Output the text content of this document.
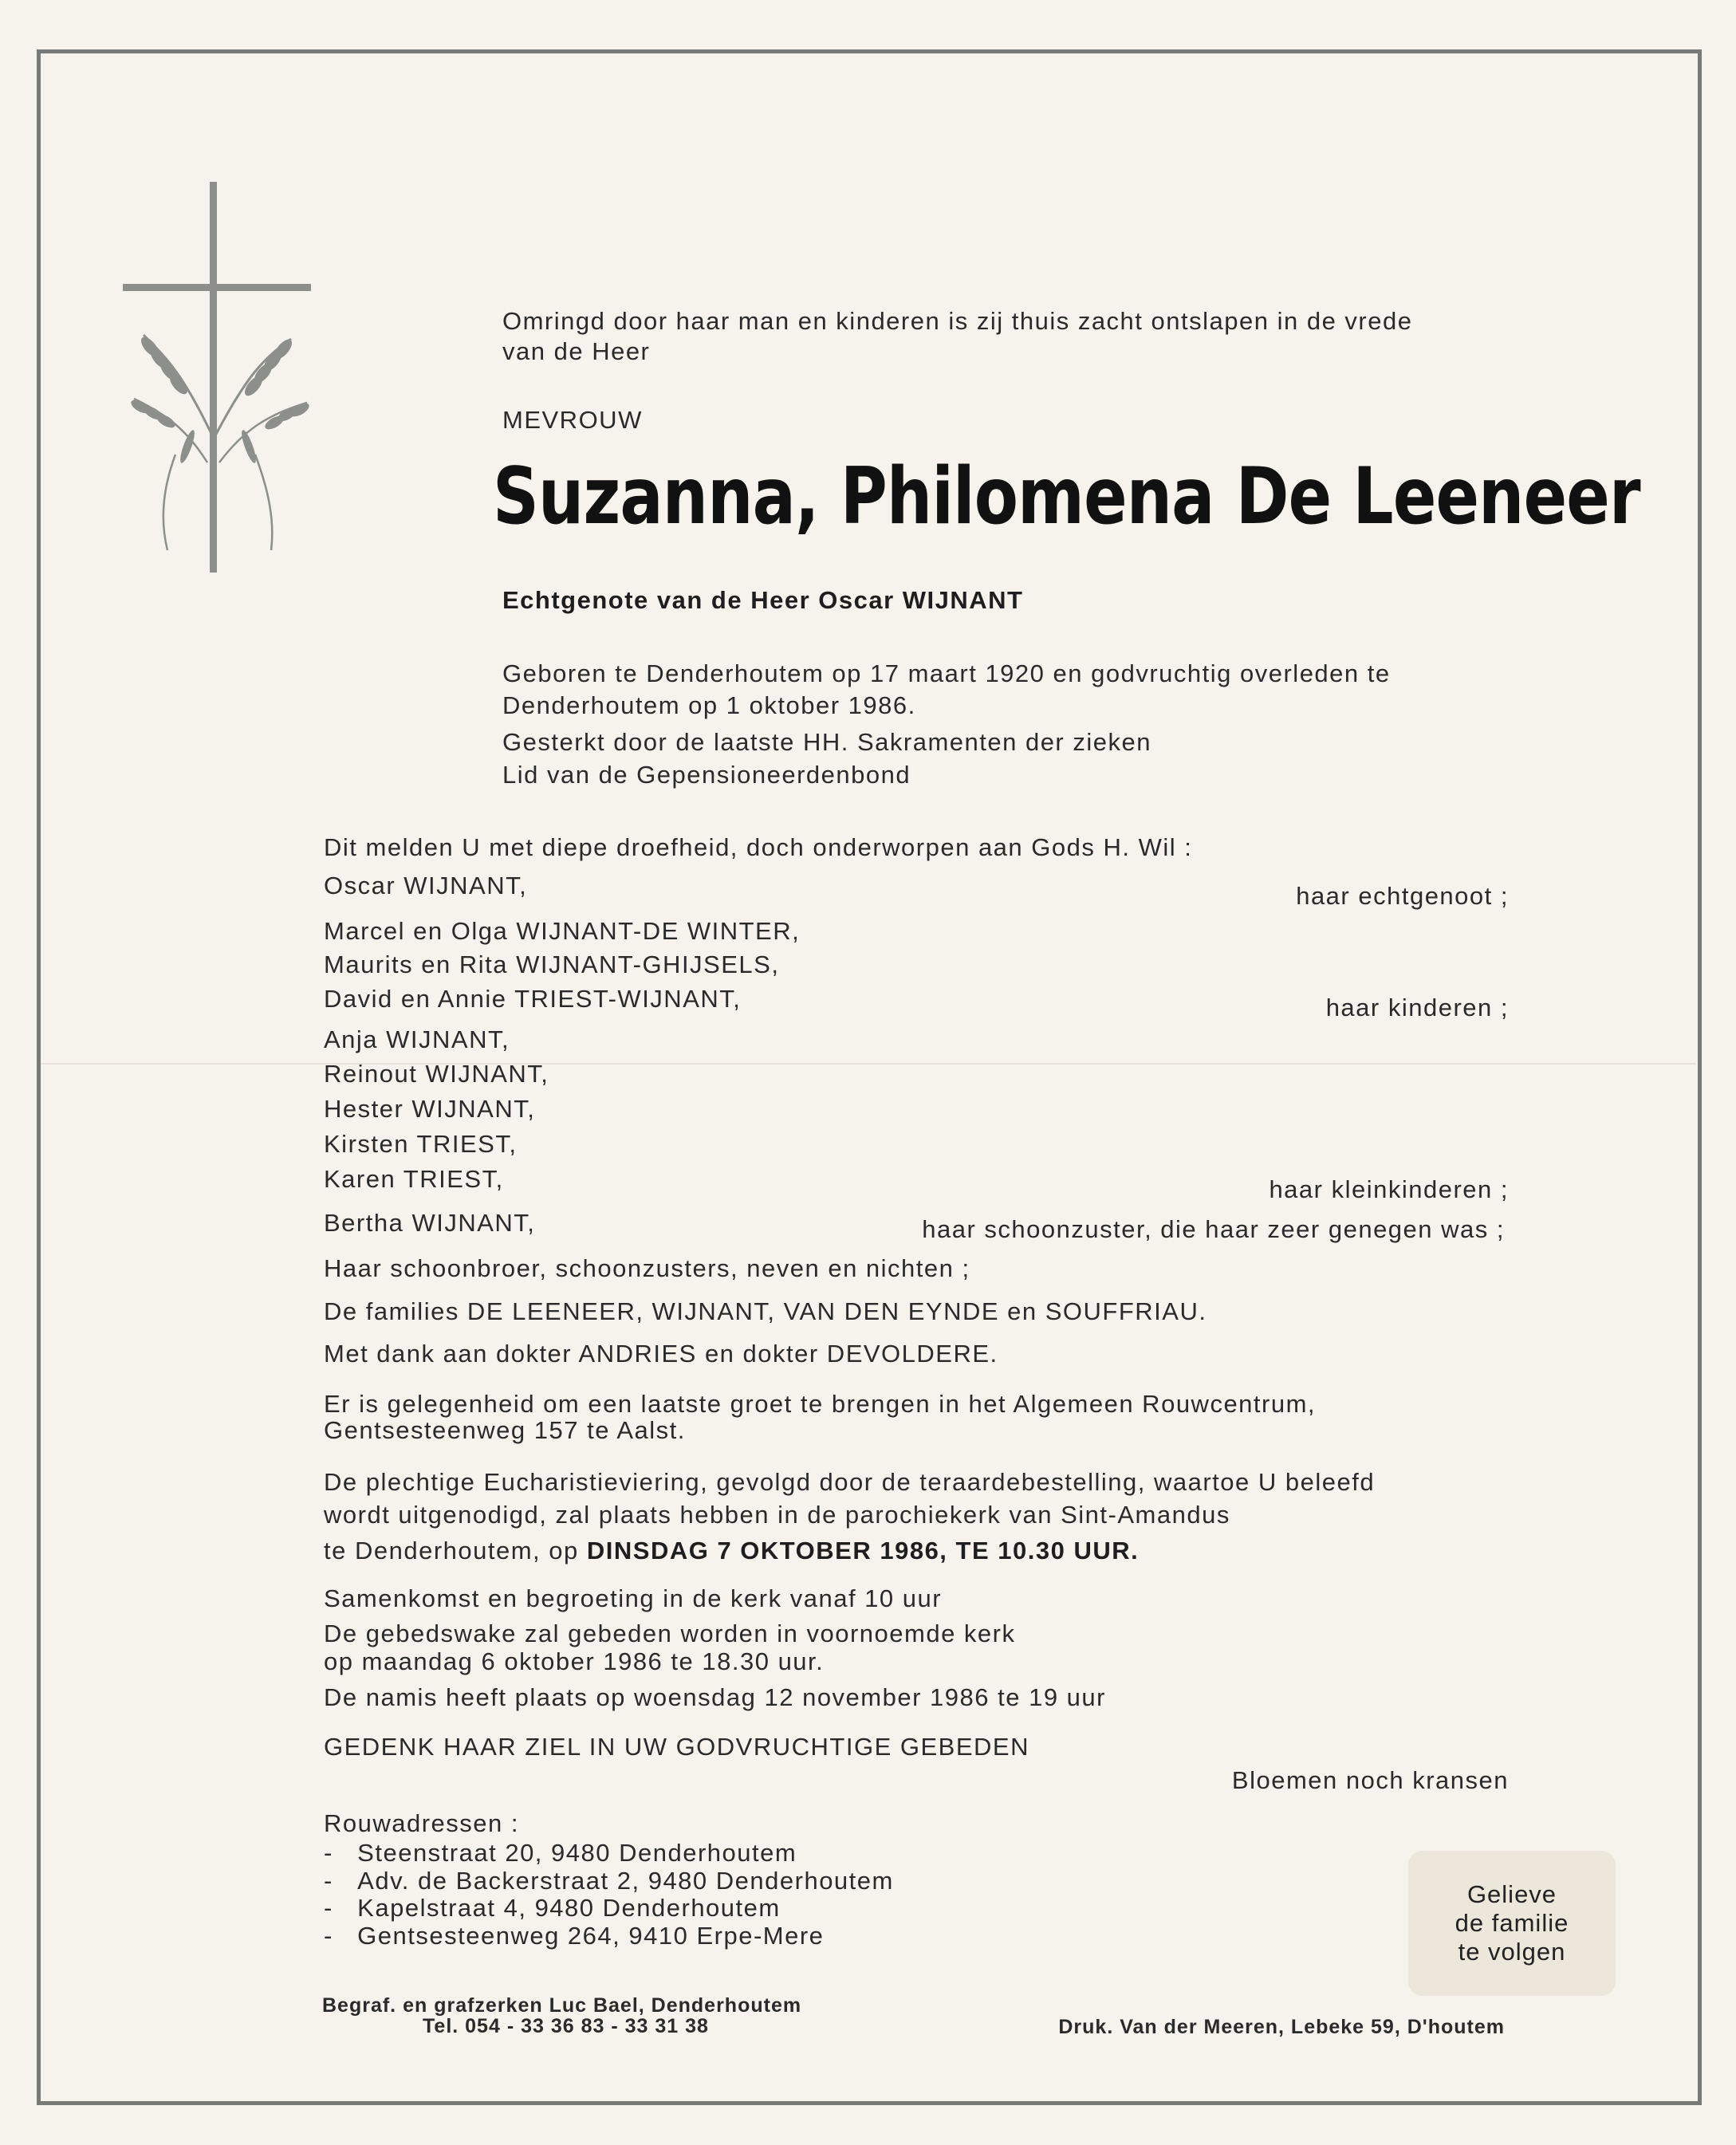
Omringd door haar man en kinderen is zij thuis zacht ontslapen in de vrede
van de Heer
MEVROUW
Suzanna, Philomena De Leeneer
Echtgenote van de Heer Oscar WIJNANT
Geboren te Denderhoutem op 17 maart 1920 en godvruchtig overleden te
Denderhoutem op 1 oktober 1986.
Gesterkt door de laatste HH. Sakramenten der zieken
Lid van de Gepensioneerdenbond
Dit melden U met diepe droefheid, doch onderworpen aan Gods H. Wil :
Oscar WIJNANT,	haar echtgenoot ;
Marcel en Olga WIJNANT-DE WINTER,
Maurits en Rita WIJNANT-GHIJSELS,
David en Annie TRIEST-WIJNANT,	haar kinderen ;
Anja WIJNANT,
Reinout WIJNANT,
Hester WIJNANT,
Kirsten TRIEST,
Karen TRIEST,	haar kleinkinderen ;
Bertha WIJNANT,	haar schoonzuster, die haar zeer genegen was ;
Haar schoonbroer, schoonzusters, neven en nichten ;
De families DE LEENEER, WIJNANT, VAN DEN EYNDE en SOUFFRIAU.
Met dank aan dokter ANDRIES en dokter DEVOLDERE.
Er is gelegenheid om een laatste groet te brengen in het Algemeen Rouwcentrum,
Gentsesteenweg 157 te Aalst.
De plechtige Eucharistieviering, gevolgd door de teraardebestelling, waartoe U beleefd
wordt uitgenodigd, zal plaats hebben in de parochiekerk van Sint-Amandus
te Denderhoutem, op DINSDAG 7 OKTOBER 1986, TE 10.30 UUR.
Samenkomst en begroeting in de kerk vanaf 10 uur
De gebedswake zal gebeden worden in voornoemde kerk
op maandag 6 oktober 1986 te 18.30 uur.
De namis heeft plaats op woensdag 12 november 1986 te 19 uur
GEDENK HAAR ZIEL IN UW GODVRUCHTIGE GEBEDEN
Bloemen noch kransen
Rouwadressen :
-   Steenstraat 20, 9480 Denderhoutem
-   Adv. de Backerstraat 2, 9480 Denderhoutem
-   Kapelstraat 4, 9480 Denderhoutem
-   Gentsesteenweg 264, 9410 Erpe-Mere
Gelieve
de familie
te volgen
Begraf. en grafzerken Luc Bael, Denderhoutem
Tel. 054 - 33 36 83 - 33 31 38	Druk. Van der Meeren, Lebeke 59, D'houtem
